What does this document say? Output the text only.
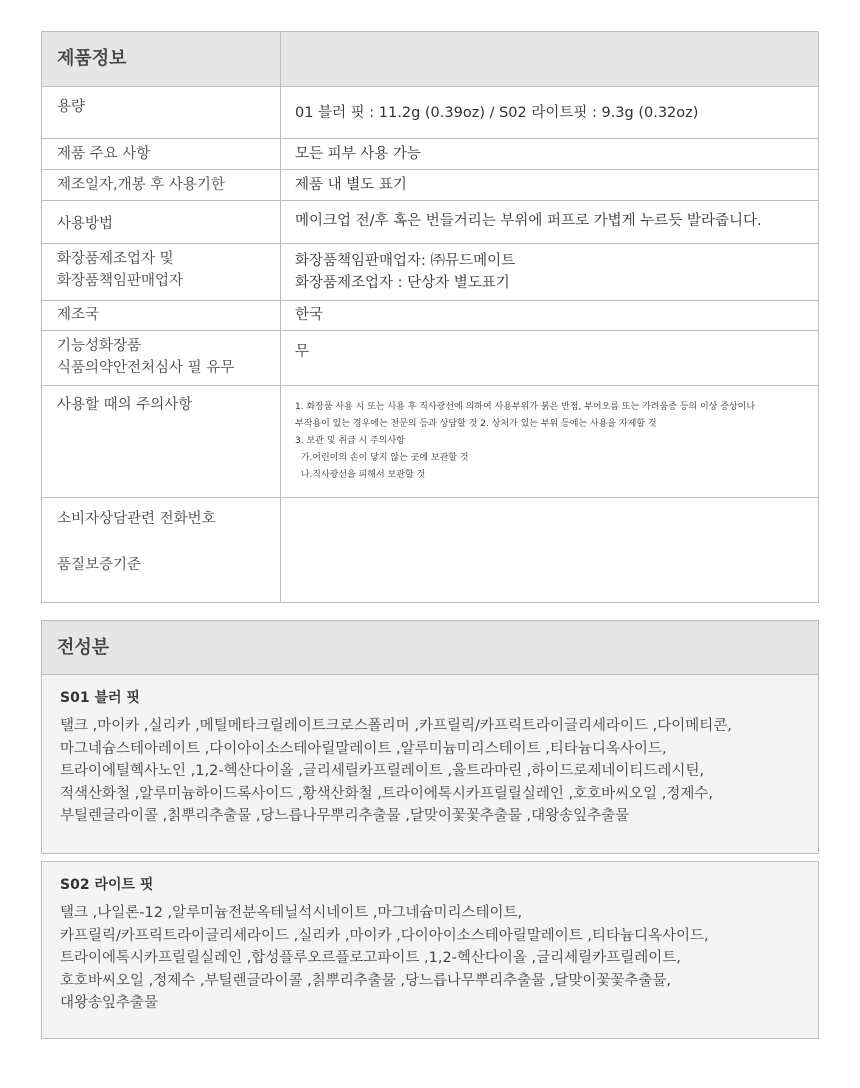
제품정보	
용량	01 블러 핏 : 11.2g (0.39oz) / S02 라이트핏 : 9.3g (0.32oz)
제품 주요 사항	모든 피부 사용 가능
제조일자,개봉 후 사용기한	제품 내 별도 표기
사용방법	메이크업 전/후 혹은 번들거리는 부위에 퍼프로 가볍게 누르듯 발라줍니다.

화장품제조업자 및
화장품책임판매업자	화장품책임판매업자: ㈜뮤드메이트
화장품제조업자 : 단상자 별도표기

제조국	한국

기능성화장품
식품의약안전처심사 필 유무	무
사용할 때의 주의사항	1. 화장품 사용 시 또는 사용 후 직사광선에 의하여 사용부위가 붉은 반점, 부어오름 또는 가려움증 등의 이상 증상이나
부작용이 있는 경우에는 전문의 등과 상담할 것 2. 상처가 있는 부위 등에는 사용을 자제할 것
3. 보관 및 취급 시 주의사항
가.어린이의 손이 닿지 않는 곳에 보관할 것
나.직사광선을 피해서 보관할 것

소비자상담관련 전화번호
품질보증기준	

전성분
S01 블러 핏
탤크 ,마이카 ,실리카 ,메틸메타크릴레이트크로스폴리머 ,카프릴릭/카프릭트라이글리세라이드 ,다이메티콘,
마그네슘스테아레이트 ,다이아이소스테아릴말레이트 ,알루미늄미리스테이트 ,티타늄디옥사이드,
트라이에틸헥사노인 ,1,2-헥산다이올 ,글리세릴카프릴레이트 ,울트라마린 ,하이드로제네이티드레시틴,
적색산화철 ,알루미늄하이드록사이드 ,황색산화철 ,트라이에톡시카프릴릴실레인 ,호호바씨오일 ,정제수,
부틸렌글라이콜 ,칡뿌리추출물 ,당느릅나무뿌리추출물 ,달맞이꽃꽃추출물 ,대왕송잎추출물
S02 라이트 핏
탤크 ,나일론-12 ,알루미늄전분옥테닐석시네이트 ,마그네슘미리스테이트,
카프릴릭/카프릭트라이글리세라이드 ,실리카 ,마이카 ,다이아이소스테아릴말레이트 ,티타늄디옥사이드,
트라이에톡시카프릴릴실레인 ,합성플루오르플로고파이트 ,1,2-헥산다이올 ,글리세릴카프릴레이트,
호호바씨오일 ,정제수 ,부틸렌글라이콜 ,칡뿌리추출물 ,당느릅나무뿌리추출물 ,달맞이꽃꽃추출물,
대왕송잎추출물
